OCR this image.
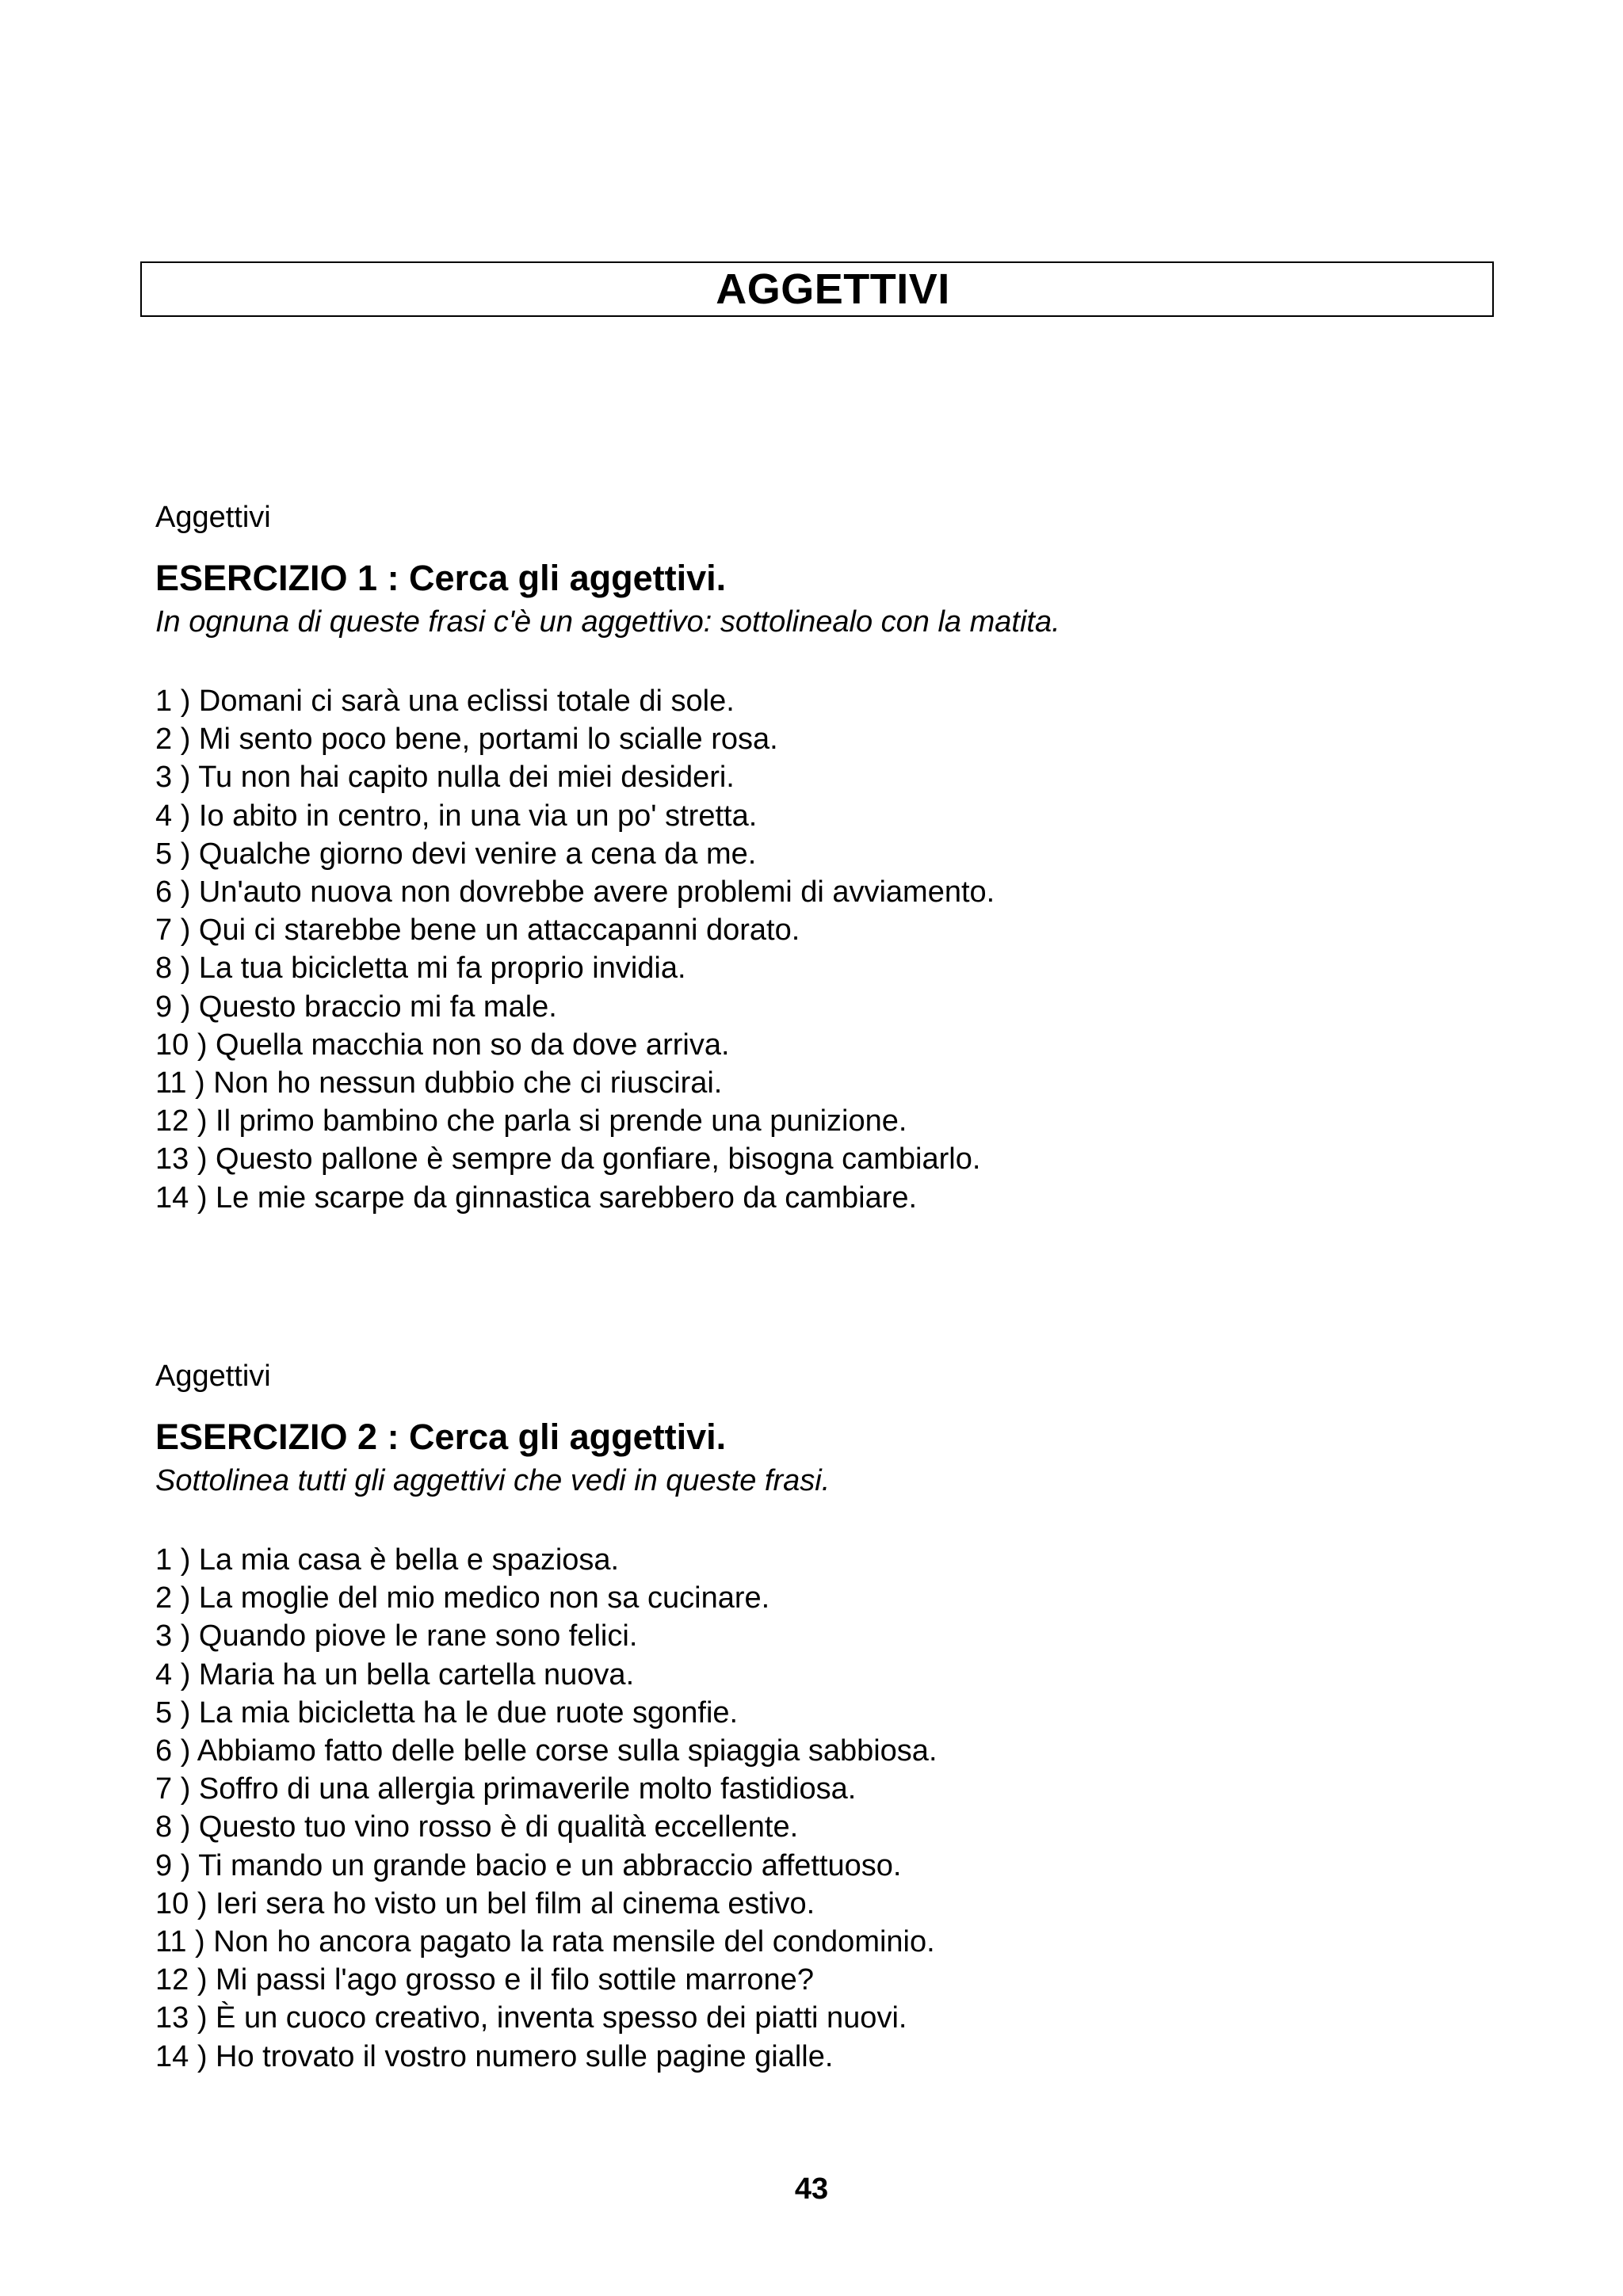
AGGETTIVI

Aggettivi

ESERCIZIO 1 : Cerca gli aggettivi.

In ognuna di queste frasi c'è un aggettivo: sottolinealo con la matita.

1 ) Domani ci sarà una eclissi totale di sole.
2 ) Mi sento poco bene, portami lo scialle rosa.
3 ) Tu non hai capito nulla dei miei desideri.
4 ) Io abito in centro, in una via un po' stretta.
5 ) Qualche giorno devi venire a cena da me.
6 ) Un'auto nuova non dovrebbe avere problemi di avviamento.
7 ) Qui ci starebbe bene un attaccapanni dorato.
8 ) La tua bicicletta mi fa proprio invidia.
9 ) Questo braccio mi fa male.
10 ) Quella macchia non so da dove arriva.
11 ) Non ho nessun dubbio che ci riuscirai.
12 ) Il primo bambino che parla si prende una punizione.
13 ) Questo pallone è sempre da gonfiare, bisogna cambiarlo.
14 ) Le mie scarpe da ginnastica sarebbero da cambiare.

Aggettivi

ESERCIZIO 2 : Cerca gli aggettivi.

Sottolinea tutti gli aggettivi che vedi in queste frasi.

1 ) La mia casa è bella e spaziosa.
2 ) La moglie del mio medico non sa cucinare.
3 ) Quando piove le rane sono felici.
4 ) Maria ha un bella cartella nuova.
5 ) La mia bicicletta ha le due ruote sgonfie.
6 ) Abbiamo fatto delle belle corse sulla spiaggia sabbiosa.
7 ) Soffro di una allergia primaverile molto fastidiosa.
8 ) Questo tuo vino rosso è di qualità eccellente.
9 ) Ti mando un grande bacio e un abbraccio affettuoso.
10 ) Ieri sera ho visto un bel film al cinema estivo.
11 ) Non ho ancora pagato la rata mensile del condominio.
12 ) Mi passi l'ago grosso e il filo sottile marrone?
13 ) È un cuoco creativo, inventa spesso dei piatti nuovi.
14 ) Ho trovato il vostro numero sulle pagine gialle.
43
